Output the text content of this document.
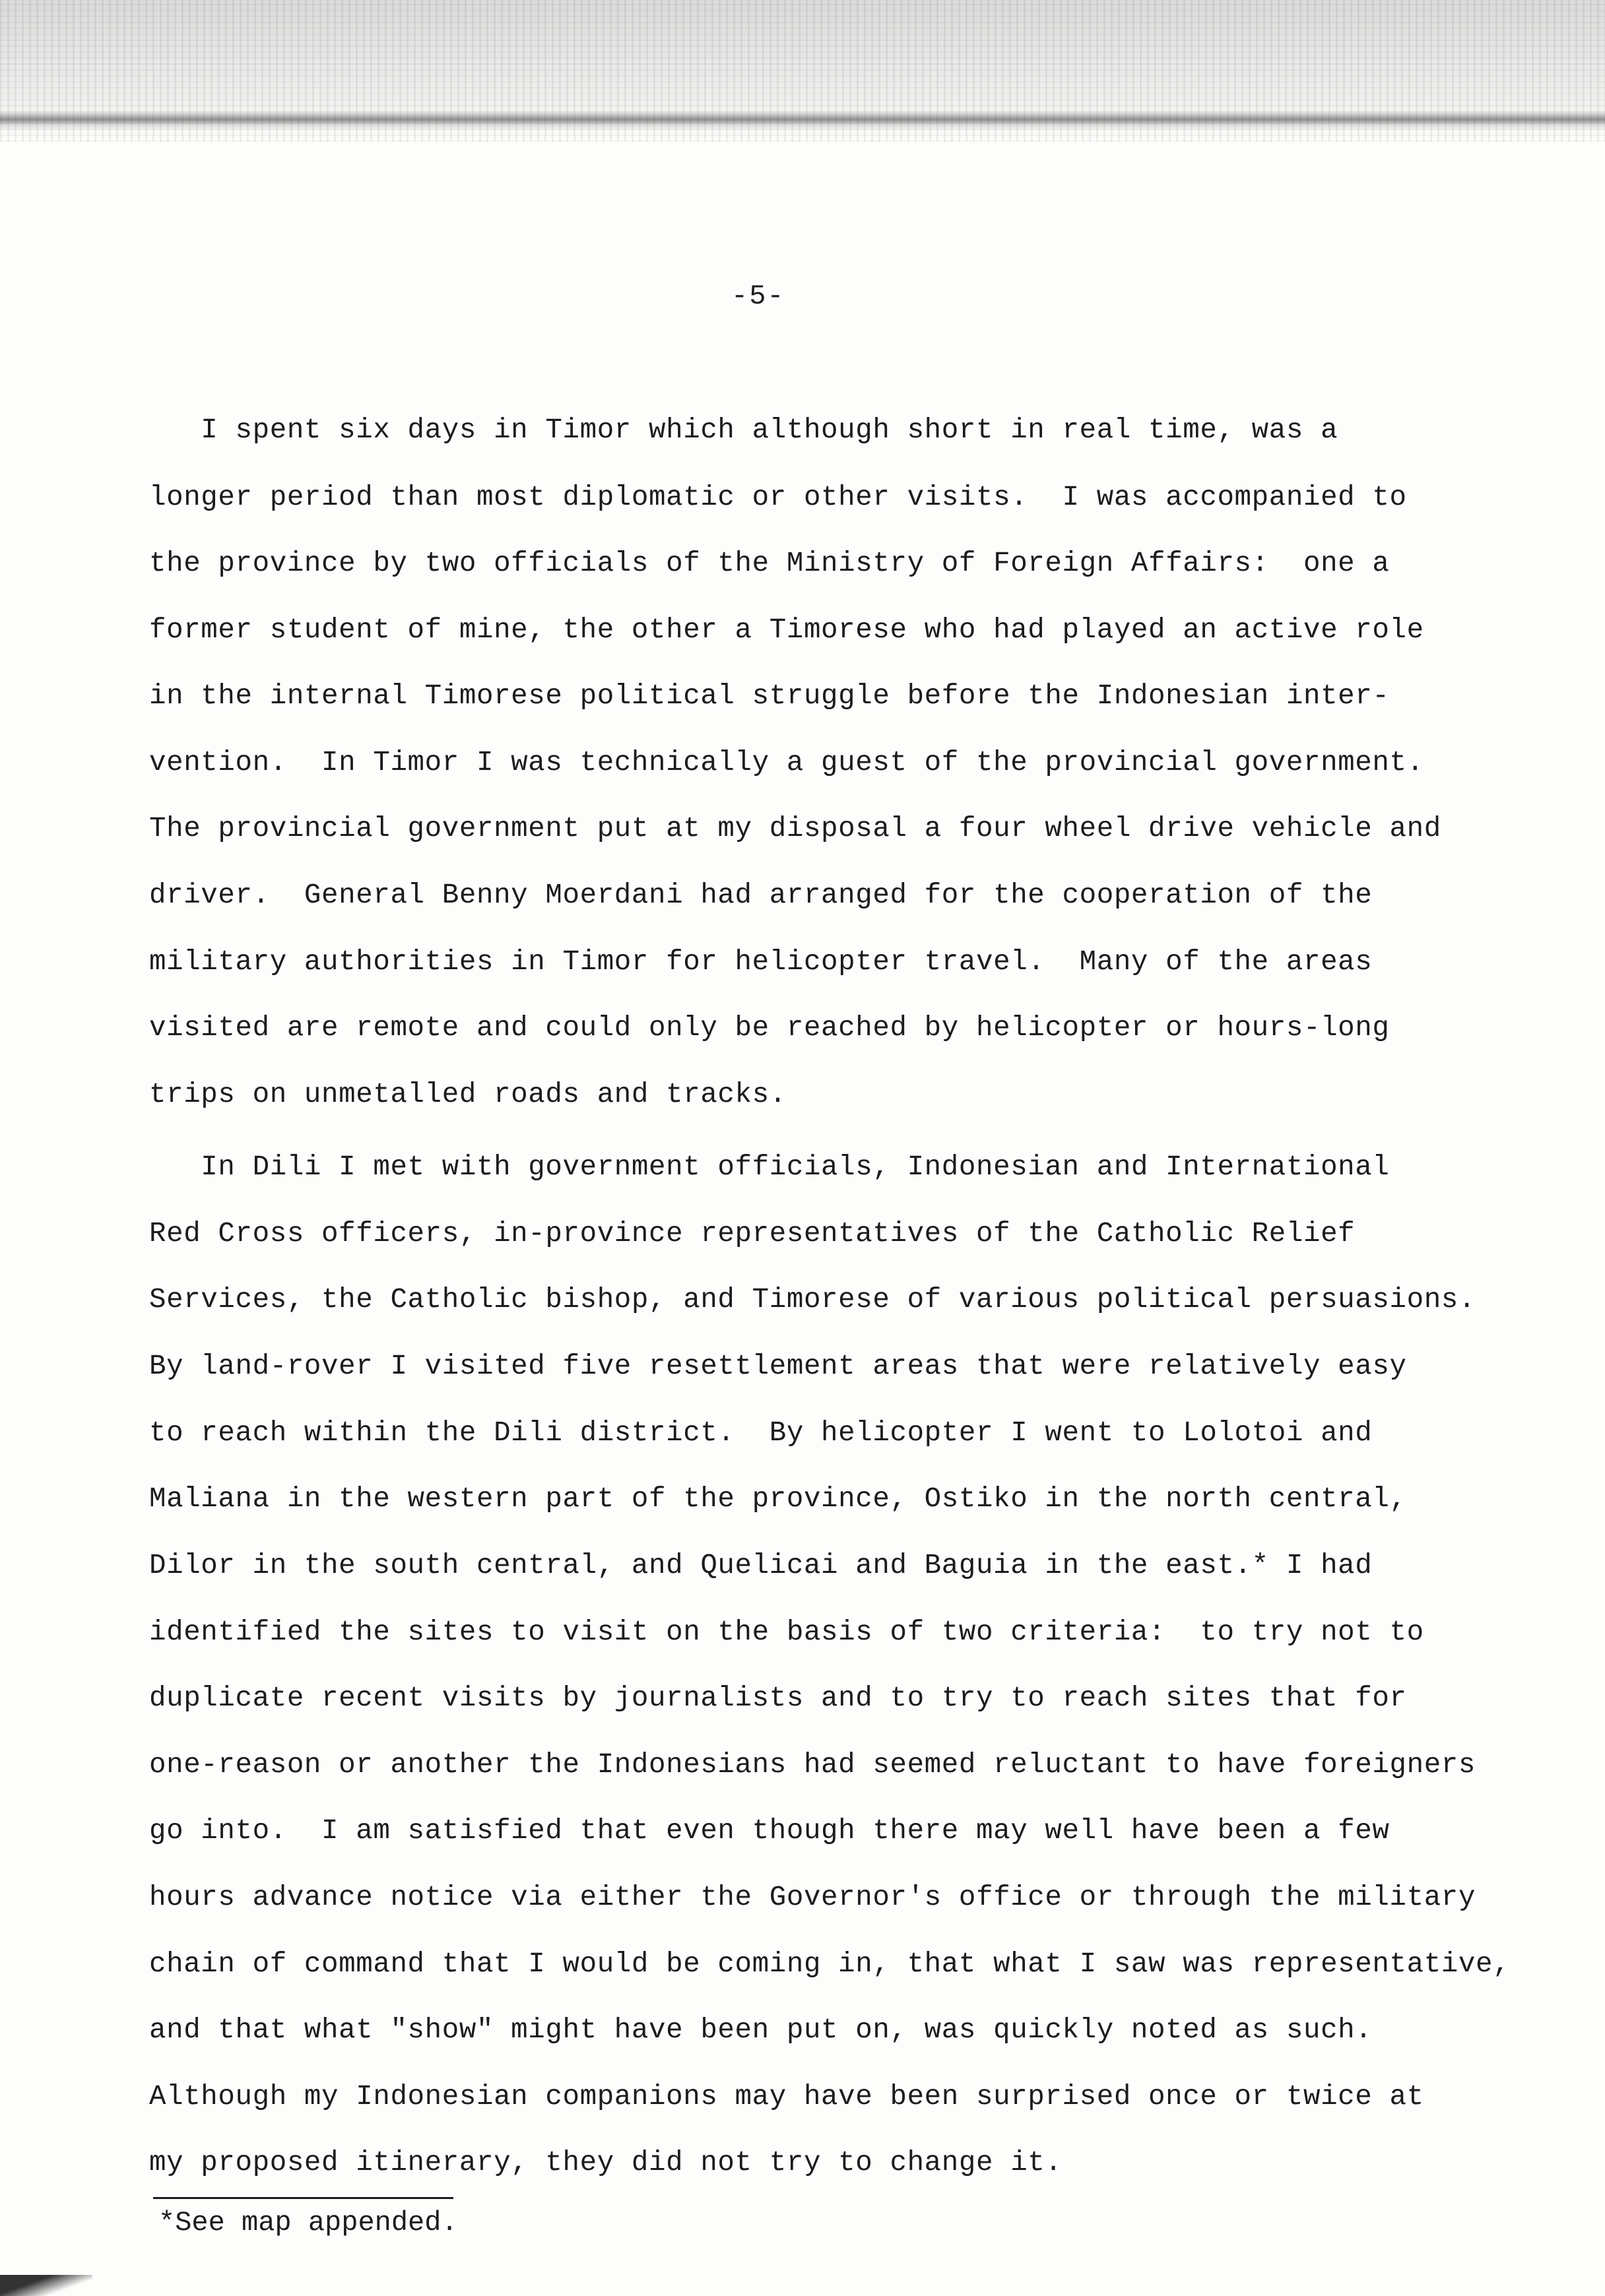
-5-
I spent six days in Timor which although short in real time, was a
longer period than most diplomatic or other visits.  I was accompanied to
the province by two officials of the Ministry of Foreign Affairs:  one a
former student of mine, the other a Timorese who had played an active role
in the internal Timorese political struggle before the Indonesian inter-
vention.  In Timor I was technically a guest of the provincial government.
The provincial government put at my disposal a four wheel drive vehicle and
driver.  General Benny Moerdani had arranged for the cooperation of the
military authorities in Timor for helicopter travel.  Many of the areas
visited are remote and could only be reached by helicopter or hours-long
trips on unmetalled roads and tracks.
In Dili I met with government officials, Indonesian and International
Red Cross officers, in-province representatives of the Catholic Relief
Services, the Catholic bishop, and Timorese of various political persuasions.
By land-rover I visited five resettlement areas that were relatively easy
to reach within the Dili district.  By helicopter I went to Lolotoi and
Maliana in the western part of the province, Ostiko in the north central,
Dilor in the south central, and Quelicai and Baguia in the east.* I had
identified the sites to visit on the basis of two criteria:  to try not to
duplicate recent visits by journalists and to try to reach sites that for
one-reason or another the Indonesians had seemed reluctant to have foreigners
go into.  I am satisfied that even though there may well have been a few
hours advance notice via either the Governor's office or through the military
chain of command that I would be coming in, that what I saw was representative,
and that what "show" might have been put on, was quickly noted as such.
Although my Indonesian companions may have been surprised once or twice at
my proposed itinerary, they did not try to change it.
*See map appended.
